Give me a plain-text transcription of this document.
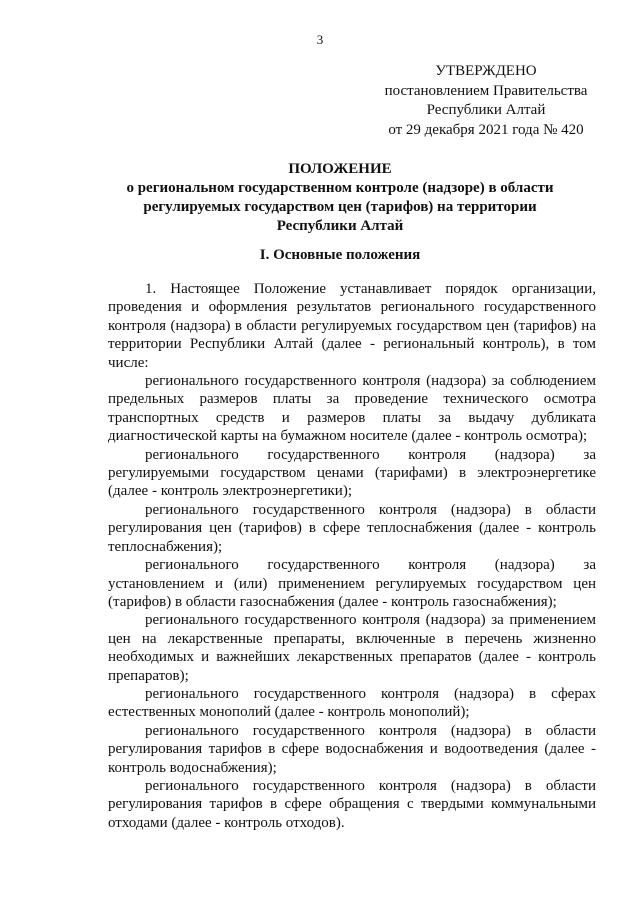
3
УТВЕРЖДЕНО
постановлением Правительства
Республики Алтай
от 29 декабря 2021 года № 420
ПОЛОЖЕНИЕ
о региональном государственном контроле (надзоре) в области
регулируемых государством цен (тарифов) на территории
Республики Алтай
I. Основные положения

1. Настоящее Положение устанавливает порядок организации, проведения и оформления результатов регионального государственного контроля (надзора) в области регулируемых государством цен (тарифов) на территории Республики Алтай (далее - региональный контроль), в том числе:

регионального государственного контроля (надзора) за соблюдением предельных размеров платы за проведение технического осмотра транспортных средств и размеров платы за выдачу дубликата диагностической карты на бумажном носителе (далее - контроль осмотра);

регионального государственного контроля (надзора) за регулируемыми государством ценами (тарифами) в электроэнергетике (далее - контроль электроэнергетики);

регионального государственного контроля (надзора) в области регулирования цен (тарифов) в сфере теплоснабжения (далее - контроль теплоснабжения);

регионального государственного контроля (надзора) за установлением и (или) применением регулируемых государством цен (тарифов) в области газоснабжения (далее - контроль газоснабжения);

регионального государственного контроля (надзора) за применением цен на лекарственные препараты, включенные в перечень жизненно необходимых и важнейших лекарственных препаратов (далее - контроль препаратов);

регионального государственного контроля (надзора) в сферах естественных монополий (далее - контроль монополий);

регионального государственного контроля (надзора) в области регулирования тарифов в сфере водоснабжения и водоотведения (далее - контроль водоснабжения);

регионального государственного контроля (надзора) в области регулирования тарифов в сфере обращения с твердыми коммунальными отходами (далее - контроль отходов).
